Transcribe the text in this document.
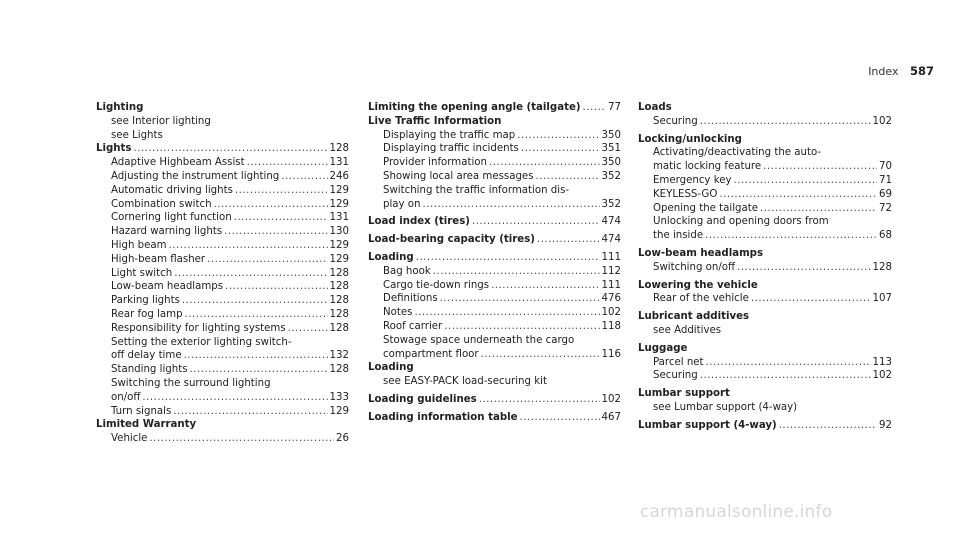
Index 587
Lighting
see Interior lighting
see Lights
Lights .....	128
Adaptive Highbeam Assist .....	131
Adjusting the instrument lighting .....	246
Automatic driving lights .....	129
Combination switch .....	129
Cornering light function .....	131
Hazard warning lights .....	130
High beam .....	129
High-beam flasher .....	129
Light switch .....	128
Low-beam headlamps .....	128
Parking lights .....	128
Rear fog lamp .....	128
Responsibility for lighting systems .....	128
Setting the exterior lighting switch-
off delay time .....	132
Standing lights .....	128
Switching the surround lighting
on/off .....	133
Turn signals .....	129
Limited Warranty
Vehicle .....	26
Limiting the opening angle (tailgate) .....	77
Live Traffic Information
Displaying the traffic map .....	350
Displaying traffic incidents .....	351
Provider information .....	350
Showing local area messages .....	352
Switching the traffic information dis-
play on .....	352
Load index (tires) .....	474
Load-bearing capacity (tires) .....	474
Loading .....	111
Bag hook .....	112
Cargo tie-down rings .....	111
Definitions .....	476
Notes .....	102
Roof carrier .....	118
Stowage space underneath the cargo
compartment floor .....	116
Loading
see EASY-PACK load-securing kit
Loading guidelines .....	102
Loading information table .....	467
Loads
Securing .....	102
Locking/unlocking
Activating/deactivating the auto-
matic locking feature .....	70
Emergency key .....	71
KEYLESS-GO .....	69
Opening the tailgate .....	72
Unlocking and opening doors from
the inside .....	68
Low-beam headlamps
Switching on/off .....	128
Lowering the vehicle
Rear of the vehicle .....	107
Lubricant additives
see Additives
Luggage
Parcel net .....	113
Securing .....	102
Lumbar support
see Lumbar support (4-way)
Lumbar support (4-way) .....	92
carmanualsonline.info
